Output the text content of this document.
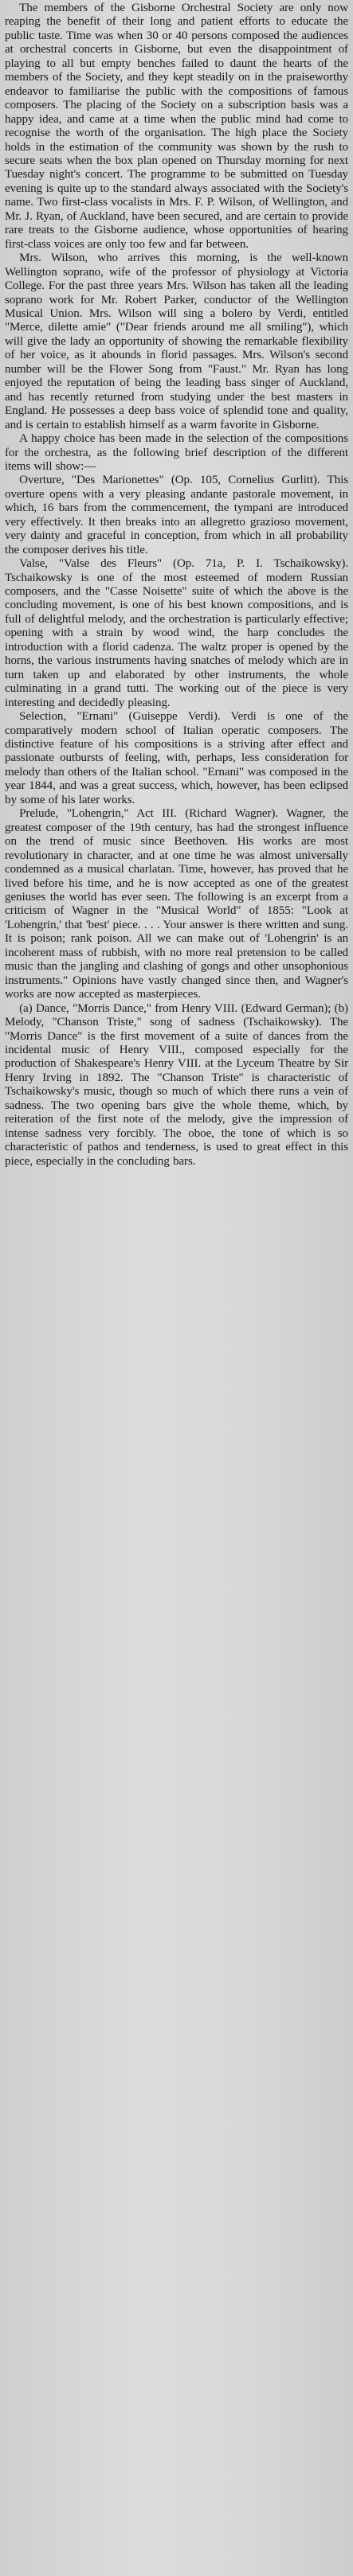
The members of the Gisborne Orchestral Society are only now reaping the benefit of their long and patient efforts to educate the public taste. Time was when 30 or 40 persons composed the audiences at orchestral concerts in Gisborne, but even the disappointment of playing to all but empty benches failed to daunt the hearts of the members of the Society, and they kept steadily on in the praiseworthy endeavor to familiarise the public with the compositions of famous composers. The placing of the Society on a subscription basis was a happy idea, and came at a time when the public mind had come to recognise the worth of the organisation. The high place the Society holds in the estimation of the community was shown by the rush to secure seats when the box plan opened on Thursday morning for next Tuesday night's concert. The programme to be submitted on Tuesday evening is quite up to the standard always associated with the Society's name. Two first-class vocalists in Mrs. F. P. Wilson, of Wellington, and Mr. J. Ryan, of Auckland, have been secured, and are certain to provide rare treats to the Gisborne audience, whose opportunities of hearing first-class voices are only too few and far between.

Mrs. Wilson, who arrives this morning, is the well-known Wellington soprano, wife of the professor of physiology at Victoria College. For the past three years Mrs. Wilson has taken all the leading soprano work for Mr. Robert Parker, conductor of the Wellington Musical Union. Mrs. Wilson will sing a bolero by Verdi, entitled "Merce, dilette amie" ("Dear friends around me all smiling"), which will give the lady an opportunity of showing the remarkable flexibility of her voice, as it abounds in florid passages. Mrs. Wilson's second number will be the Flower Song from "Faust." Mr. Ryan has long enjoyed the reputation of being the leading bass singer of Auckland, and has recently returned from studying under the best masters in England. He possesses a deep bass voice of splendid tone and quality, and is certain to establish himself as a warm favorite in Gisborne.

A happy choice has been made in the selection of the compositions for the orchestra, as the following brief description of the different items will show:—

Overture, "Des Marionettes" (Op. 105, Cornelius Gurlitt). This overture opens with a very pleasing andante pastorale movement, in which, 16 bars from the commencement, the tympani are introduced very effectively. It then breaks into an allegretto grazioso movement, very dainty and graceful in conception, from which in all probability the composer derives his title.

Valse, "Valse des Fleurs" (Op. 71a, P. I. Tschaikowsky). Tschaikowsky is one of the most esteemed of modern Russian composers, and the "Casse Noisette" suite of which the above is the concluding movement, is one of his best known compositions, and is full of delightful melody, and the orchestration is particularly effective; opening with a strain by wood wind, the harp concludes the introduction with a florid cadenza. The waltz proper is opened by the horns, the various instruments having snatches of melody which are in turn taken up and elaborated by other instruments, the whole culminating in a grand tutti. The working out of the piece is very interesting and decidedly pleasing.

Selection, "Ernani" (Guiseppe Verdi). Verdi is one of the comparatively modern school of Italian operatic composers. The distinctive feature of his compositions is a striving after effect and passionate outbursts of feeling, with, perhaps, less consideration for melody than others of the Italian school. "Ernani" was composed in the year 1844, and was a great success, which, however, has been eclipsed by some of his later works.

Prelude, "Lohengrin," Act III. (Richard Wagner). Wagner, the greatest composer of the 19th century, has had the strongest influence on the trend of music since Beethoven. His works are most revolutionary in character, and at one time he was almost universally condemned as a musical charlatan. Time, however, has proved that he lived before his time, and he is now accepted as one of the greatest geniuses the world has ever seen. The following is an excerpt from a criticism of Wagner in the "Musical World" of 1855: "Look at 'Lohengrin,' that 'best' piece. . . . Your answer is there written and sung. It is poison; rank poison. All we can make out of 'Lohengrin' is an incoherent mass of rubbish, with no more real pretension to be called music than the jangling and clashing of gongs and other unsophonious instruments." Opinions have vastly changed since then, and Wagner's works are now accepted as masterpieces.

(a) Dance, "Morris Dance," from Henry VIII. (Edward German); (b) Melody, "Chanson Triste," song of sadness (Tschaikowsky). The "Morris Dance" is the first movement of a suite of dances from the incidental music of Henry VIII., composed especially for the production of Shakespeare's Henry VIII. at the Lyceum Theatre by Sir Henry Irving in 1892. The "Chanson Triste" is characteristic of Tschaikowsky's music, though so much of which there runs a vein of sadness. The two opening bars give the whole theme, which, by reiteration of the first note of the melody, give the impression of intense sadness very forcibly. The oboe, the tone of which is so characteristic of pathos and tenderness, is used to great effect in this piece, especially in the concluding bars.
